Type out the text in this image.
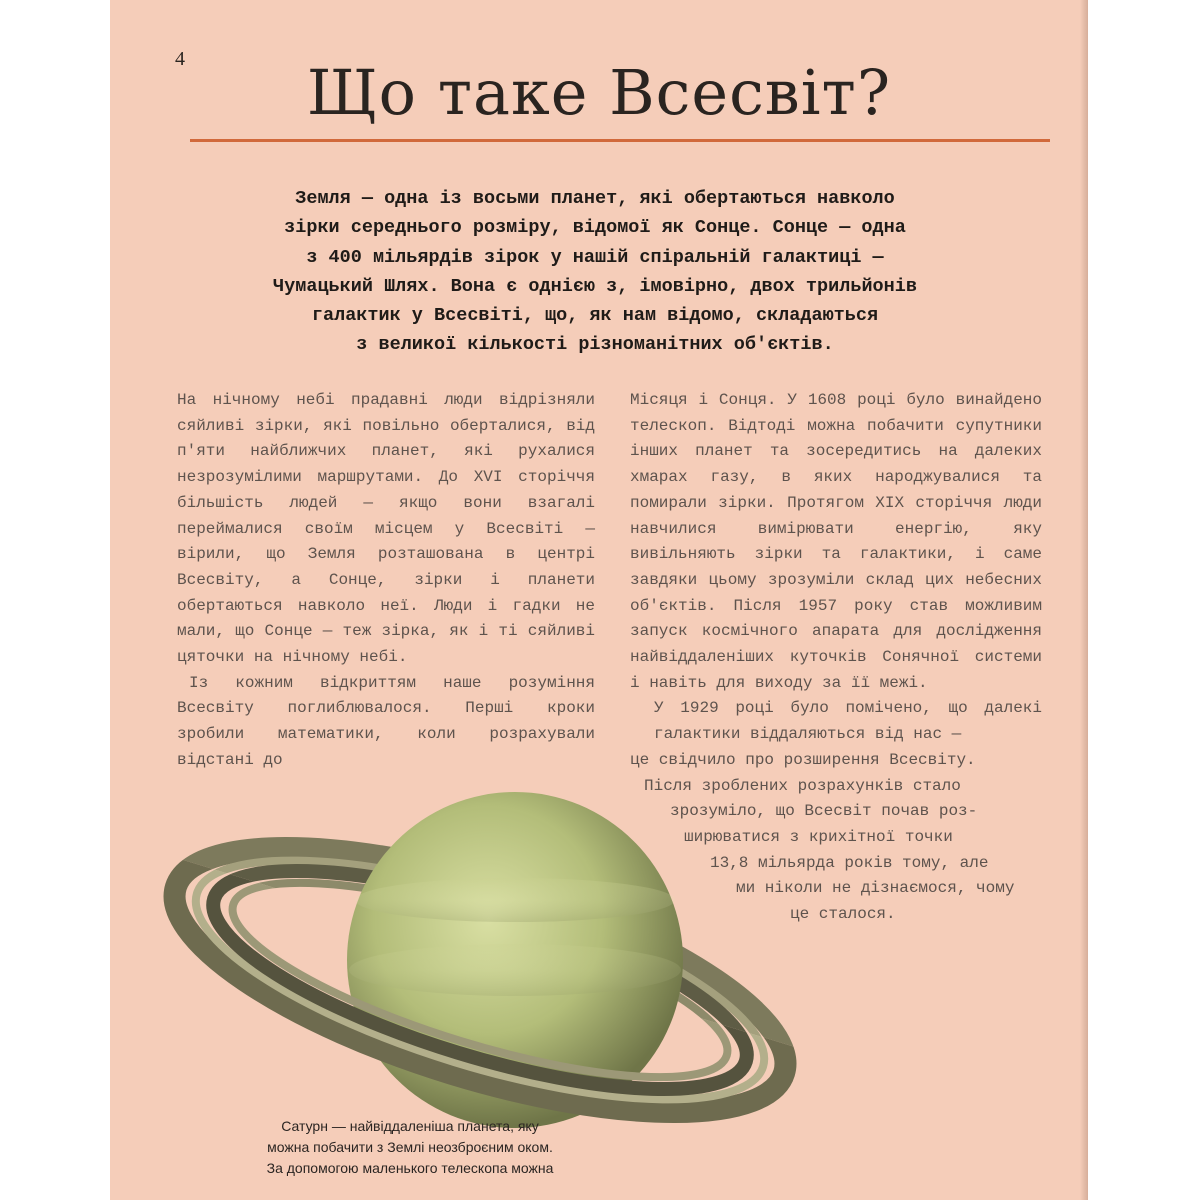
4	Що таке Всесвіт?
Земля — одна із восьми планет, які обертаються навколо
зірки середнього розміру, відомої як Сонце. Сонце — одна
з 400 мільярдів зірок у нашій спіральній галактиці —
Чумацький Шлях. Вона є однією з, імовірно, двох трильйонів
галактик у Всесвіті, що, як нам відомо, складаються
з великої кількості різноманітних об'єктів.

На нічному небі прадавні люди відрізняли сяйливі зірки, які повільно оберталися, від п'яти найближчих планет, які рухалися незрозумілими маршрутами. До XVI сторіччя більшість людей — якщо вони взагалі переймалися своїм місцем у Всесвіті — вірили, що Земля розташована в центрі Всесвіту, а Сонце, зірки і планети обертаються навколо неї. Люди і гадки не мали, що Сонце — теж зірка, як і ті сяйливі цяточки на нічному небі.

Із кожним відкриттям наше розуміння Всесвіту поглиблювалося. Перші кроки зробили математики, коли розрахували відстані до

Місяця і Сонця. У 1608 році було винайдено телескоп. Відтоді можна побачити супутники інших планет та зосередитись на далеких хмарах газу, в яких народжувалися та помирали зірки. Протягом XIX сторіччя люди навчилися вимірювати енергію, яку вивільняють зірки та галактики, і саме завдяки цьому зрозуміли склад цих небесних об'єктів. Після 1957 року став можливим запуск космічного апарата для дослідження найвіддаленіших куточків Сонячної системи і навіть для виходу за її межі.

У 1929 році було помічено, що далекі галактики віддаляються від нас —
це свідчило про розширення Всесвіту.
Після зроблених розрахунків стало
зрозуміло, що Всесвіт почав роз-
ширюватися з крихітної точки
13,8 мільярда років тому, але
ми ніколи не дізнаємося, чому
це сталося.
Сатурн — найвіддаленіша планета, яку
можна побачити з Землі неозброєним оком.
За допомогою маленького телескопа можна
